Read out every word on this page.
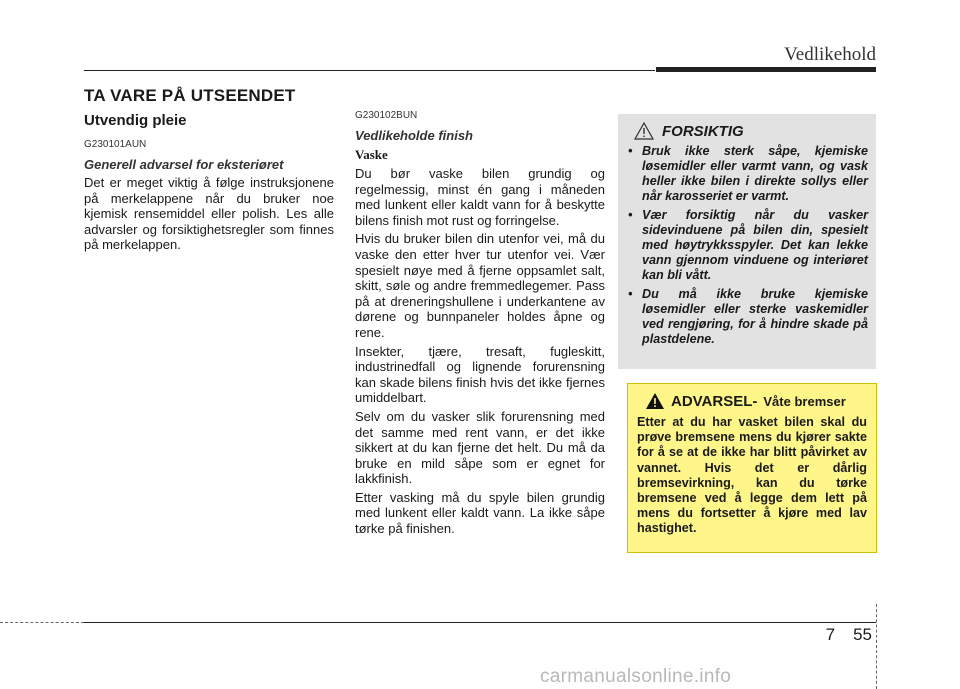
Vedlikehold
TA VARE PÅ UTSEENDET
Utvendig pleie
G230101AUN
Generell advarsel for eksteriøret

Det er meget viktig å følge instruksjonene på merkelappene når du bruker noe kjemisk rensemiddel eller polish. Les alle advarsler og forsiktighetsregler som finnes på merkelappen.

G230102BUN
Vedlikeholde finish
Vaske

Du bør vaske bilen grundig og regelmessig, minst én gang i måneden med lunkent eller kaldt vann for å beskytte bilens finish mot rust og forringelse.

Hvis du bruker bilen din utenfor vei, må du vaske den etter hver tur utenfor vei. Vær spesielt nøye med å fjerne oppsamlet salt, skitt, søle og andre fremmedlegemer. Pass på at dreneringshullene i underkantene av dørene og bunnpaneler holdes åpne og rene.

Insekter, tjære, tresaft, fugleskitt, industrinedfall og lignende forurensning kan skade bilens finish hvis det ikke fjernes umiddelbart.

Selv om du vasker slik forurensning med det samme med rent vann, er det ikke sikkert at du kan fjerne det helt. Du må da bruke en mild såpe som er egnet for lakkfinish.

Etter vasking må du spyle bilen grundig med lunkent eller kaldt vann. La ikke såpe tørke på finishen.

FORSIKTIG
• Bruk ikke sterk såpe, kjemiske løsemidler eller varmt vann, og vask heller ikke bilen i direkte sollys eller når karosseriet er varmt.
• Vær forsiktig når du vasker sidevinduene på bilen din, spesielt med høytrykksspyler. Det kan lekke vann gjennom vinduene og interiøret kan bli vått.
• Du må ikke bruke kjemiske løsemidler eller sterke vaskemidler ved rengjøring, for å hindre skade på plastdelene.
ADVARSEL- Våte bremser

Etter at du har vasket bilen skal du prøve bremsene mens du kjører sakte for å se at de ikke har blitt påvirket av vannet. Hvis det er dårlig bremsevirkning, kan du tørke bremsene ved å legge dem lett på mens du fortsetter å kjøre med lav hastighet.

7 55
carmanualsonline.info
